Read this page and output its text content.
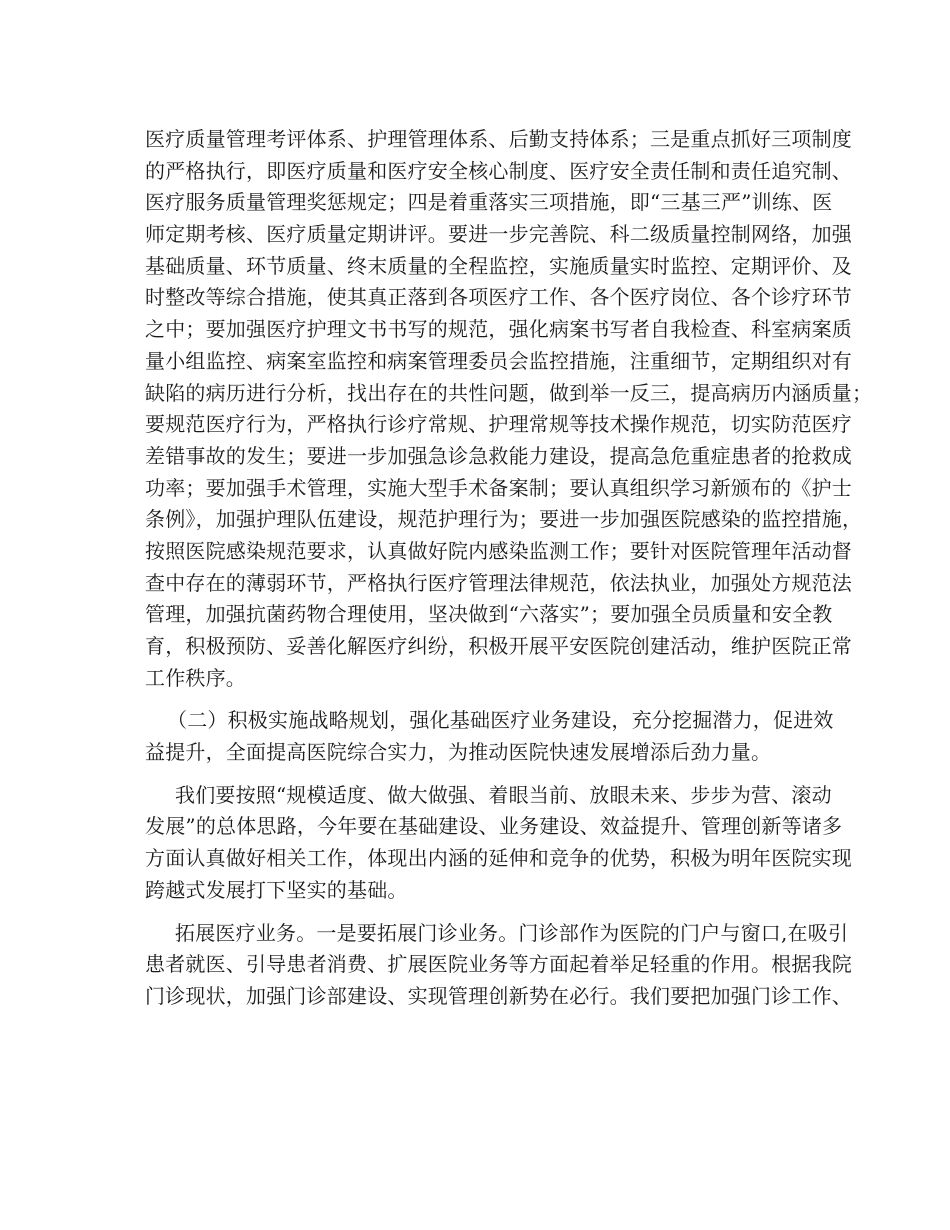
医疗质量管理考评体系、护理管理体系、后勤支持体系；三是重点抓好三项制度
的严格执行，即医疗质量和医疗安全核心制度、医疗安全责任制和责任追究制、
医疗服务质量管理奖惩规定；四是着重落实三项措施，即“三基三严”训练、医
师定期考核、医疗质量定期讲评。要进一步完善院、科二级质量控制网络，加强
基础质量、环节质量、终末质量的全程监控，实施质量实时监控、定期评价、及
时整改等综合措施，使其真正落到各项医疗工作、各个医疗岗位、各个诊疗环节
之中；要加强医疗护理文书书写的规范，强化病案书写者自我检查、科室病案质
量小组监控、病案室监控和病案管理委员会监控措施，注重细节，定期组织对有
缺陷的病历进行分析，找出存在的共性问题，做到举一反三，提高病历内涵质量；
要规范医疗行为，严格执行诊疗常规、护理常规等技术操作规范，切实防范医疗
差错事故的发生；要进一步加强急诊急救能力建设，提高急危重症患者的抢救成
功率；要加强手术管理，实施大型手术备案制；要认真组织学习新颁布的《护士
条例》，加强护理队伍建设，规范护理行为；要进一步加强医院感染的监控措施，
按照医院感染规范要求，认真做好院内感染监测工作；要针对医院管理年活动督
查中存在的薄弱环节，严格执行医疗管理法律规范，依法执业，加强处方规范法
管理，加强抗菌药物合理使用，坚决做到“六落实”；要加强全员质量和安全教
育，积极预防、妥善化解医疗纠纷，积极开展平安医院创建活动，维护医院正常
工作秩序。
（二）积极实施战略规划，强化基础医疗业务建设，充分挖掘潜力，促进效
益提升，全面提高医院综合实力，为推动医院快速发展增添后劲力量。
我们要按照“规模适度、做大做强、着眼当前、放眼未来、步步为营、滚动
发展”的总体思路，今年要在基础建设、业务建设、效益提升、管理创新等诸多
方面认真做好相关工作，体现出内涵的延伸和竞争的优势，积极为明年医院实现
跨越式发展打下坚实的基础。
拓展医疗业务。一是要拓展门诊业务。门诊部作为医院的门户与窗口,在吸引
患者就医、引导患者消费、扩展医院业务等方面起着举足轻重的作用。根据我院
门诊现状，加强门诊部建设、实现管理创新势在必行。我们要把加强门诊工作、
